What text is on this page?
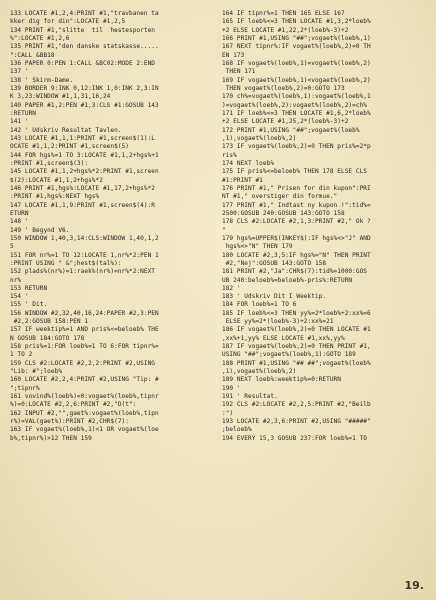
133 LOCATE #1,2,4:PRINT #1,"travbanen ta
kker dig for din":LOCATE #1,2,5
134 PRINT #1,"slitte  til  hestesporten
%":LOCATE #1,2,6
135 PRINT #1,"den danske statskasse.....
":CALL &BB18
136 PAPER 0:PEN 1:CALL &BC02:MODE 2:END
137 '
138 ' Skirm-Dame.
139 BORDER 9:INK 0,12:INK 1,0:INK 2,3:IN
K 3,23:WINDOW #1,1,31,16,24
140 PAPER #1,2:PEN #1,3:CLS #1:GOSUB 143
:RETURN
141 '
142 ' Udskriv Resultat Tavlen.
143 LOCATE #1,1,1:PRINT #1,screen$(1):L
OCATE #1,1,2:PRINT #1,screen$(5)
144 FOR hgs%=1 TO 3:LOCATE #1,1,2+hgs%+1
:PRINT #1,screen$(3):
145 LOCATE #1,1,2+hgs%*2:PRINT #1,screen
$(2):LOCATE #1,1,2+hgs%*2
146 PRINT #1,hgs%:LOCATE #1,17,2+hgs%*2
:PRINT #1,hgs%:NEXT hgs%
147 LOCATE #1,1,9:PRINT #1,screen$(4):R
ETURN
148 '
149 ' Begynd V6.
150 WINDOW 1,40,3,14:CLS:WINDOW 1,40,1,2
5
151 FOR nr%=1 TO 12:LOCATE 1,nr%*2:PEN 1
:PRINT USING " &";hest$(tal%):
152 plads%(nr%)=1:raek%(nr%)=nr%*2:NEXT
nr%
153 RETURN
154 '
155 ' Dit.
156 WINDOW #2,32,40,16,24:PAPER #2,3:PEN
#2,2:GOSUB 158:PEN 1
157 IF weektip%=1 AND pris%<=beloeb% THE
N GOSUB 184:GOTO 178
158 pris%=1:FOR loeb%=1 TO 6:FOR tipnr%=
1 TO 2
159 CLS #2:LOCATE #2,2,2:PRINT #2,USING
"Lib: #";loeb%
160 LOCATE #2,2,4:PRINT #2,USING "Tip: #
";tipnr%
161 vovind%(loeb%)=0:vogaet%(loeb%,tipnr
%)=0:LOCATE #2,2,6:PRINT #2,"D(t":
162 INPUT #2,"",gaet%:vogaet%(loeb%,tipn
r%)=VAL(gaet%):PRINT #2,CHR$(7):
163 IF vogaet%(loeb%,1)<1 OR vogaet%(loe
b%,tipnr%)>12 THEN 159
164 IF tipnr%=1 THEN 165 ELSE 167
165 IF loeb%<=3 THEN LOCATE #1,3,2*loeb%
+2 ELSE LOCATE #1,22,2*(loeb%-3)+2
166 PRINT #1,USING "##";vogaet%(loeb%,1)
167 NEXT tipnr%:IF vogaet%(loeb%,2)=0 TH
EN 173
168 IF vogaet%(loeb%,1)=vogaet%(loeb%,2)
THEN 171
169 IF vogaet%(loeb%,1)<vogaet%(loeb%,2)
THEN vogaet%(loeb%,2)=0:GOTO 173
170 ch%=vogaet%(loeb%,1):vogaet%(loeb%,1
)=vogaet%(loeb%,2):vogaet%(loeb%,2)=ch%
171 IF loeb%<=3 THEN LOCATE #1,6,2*loeb%
+2 ELSE LOCATE #1,25,2*(loeb%-3)+2
172 PRINT #1,USING "##";vogaet%(loeb%
,1),vogaet%(loeb%,2)
173 IF vogaet%(loeb%,2)=0 THEN pris%=2*p
ris%
174 NEXT loeb%
175 IF pris%<=beloeb% THEN 178 ELSE CLS
#1:PRINT #1
176 PRINT #1," Prisen for din kupon":PRI
NT #1," overstiger din formue."
177 PRINT #1," Indtast ny kupon !":tid%=
2500:GOSUB 240:GOSUB 143:GOTO 158
178 CLS #2:LOCATE #2,1,3:PRINT #2," Ok ?
"
179 hgs%=UPPER$(INKEY$):IF hgs%<>"J" AND
hgs%<>"N" THEN 179
180 LOCATE #2,3,5:IF hgs%="N" THEN PRINT
#2,"Nej":GOSUB 143:GOTO 158
181 PRINT #2,"Ja":CHR$(7):tid%=1000:GOS
UB 240:beloeb%=beloeb%-pris%:RETURN
182 '
183 ' Udskriv Dit I Weektip.
184 FOR loeb%=1 TO 6
185 IF loeb%<=3 THEN yy%=2*loeb%+2:xx%=6
ELSE yy%=2*(loeb%-3)+2:xx%=21
186 IF vogaet%(loeb%,2)=0 THEN LOCATE #1
,xx%+1,yy% ELSE LOCATE #1,xx%,yy%
187 IF vogaet%(loeb%,2)=0 THEN PRINT #1,
USING "##";vogaet%(loeb%,1):GOTO 189
188 PRINT #1,USING "## ##";vogaet%(loeb%
,1),vogaet%(loeb%,2)
189 NEXT loeb%:weektip%=0:RETURN
190 '
191 ' Resultat.
192 CLS #2:LOCATE #2,2,5:PRINT #2,"Beilb
:")
193 LOCATE #2,3,6:PRINT #2,USING "#####"
;beloeb%
194 EVERY 15,3 GOSUB 237:FOR loeb%=1 TO
19.
